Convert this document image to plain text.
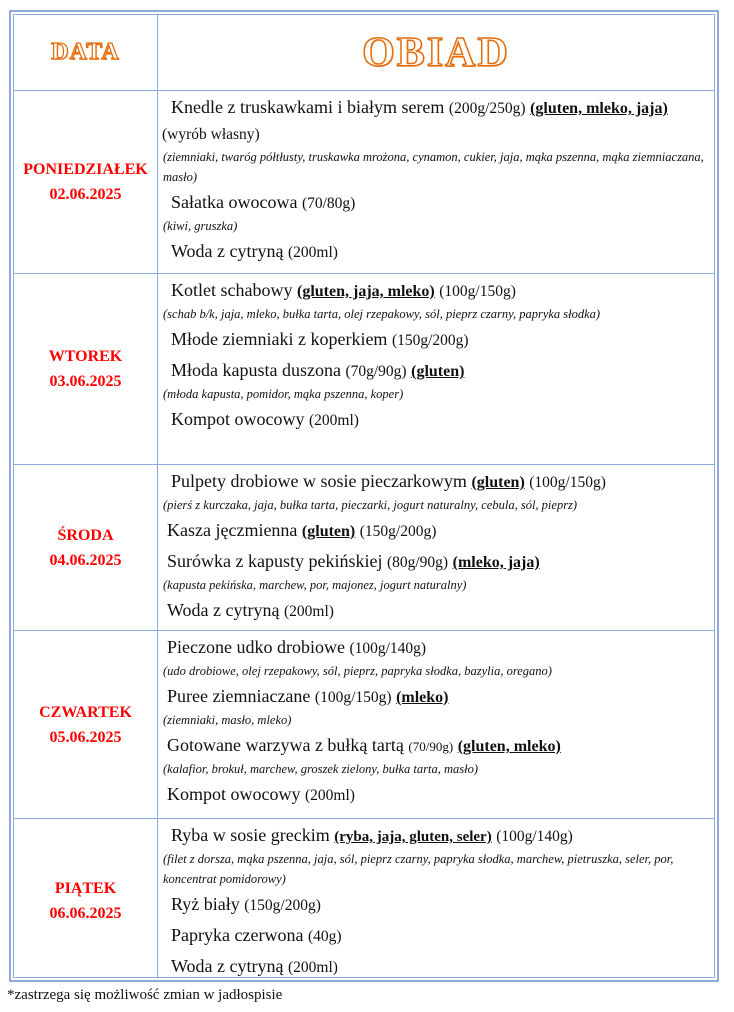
DATA	OBIAD
PONIEDZIAŁEK
02.06.2025
Knedle z truskawkami i białym serem (200g/250g) (gluten, mleko, jaja) (wyrób własny)
(ziemniaki, twaróg półtłusty, truskawka mrożona, cynamon, cukier, jaja, mąka pszenna, mąka ziemniaczana, masło)
Sałatka owocowa (70/80g)
(kiwi, gruszka)
Woda z cytryną (200ml)
WTOREK
03.06.2025
Kotlet schabowy (gluten, jaja, mleko) (100g/150g)
(schab b/k, jaja, mleko, bułka tarta, olej rzepakowy, sól, pieprz czarny, papryka słodka)
Młode ziemniaki z koperkiem (150g/200g)
Młoda kapusta duszona (70g/90g) (gluten)
(młoda kapusta, pomidor, mąka pszenna, koper)
Kompot owocowy (200ml)
ŚRODA
04.06.2025
Pulpety drobiowe w sosie pieczarkowym (gluten) (100g/150g)
(pierś z kurczaka, jaja, bułka tarta, pieczarki, jogurt naturalny, cebula, sól, pieprz)
Kasza jęczmienna (gluten) (150g/200g)
Surówka z kapusty pekińskiej (80g/90g) (mleko, jaja)
(kapusta pekińska, marchew, por, majonez, jogurt naturalny)
Woda z cytryną (200ml)
CZWARTEK
05.06.2025
Pieczone udko drobiowe (100g/140g)
(udo drobiowe, olej rzepakowy, sól, pieprz, papryka słodka, bazylia, oregano)
Puree ziemniaczane (100g/150g) (mleko)
(ziemniaki, masło, mleko)
Gotowane warzywa z bułką tartą (70/90g) (gluten, mleko)
(kalafior, brokuł, marchew, groszek zielony, bułka tarta, masło)
Kompot owocowy (200ml)
PIĄTEK
06.06.2025
Ryba w sosie greckim (ryba, jaja, gluten, seler) (100g/140g)
(filet z dorsza, mąka pszenna, jaja, sól, pieprz czarny, papryka słodka, marchew, pietruszka, seler, por, koncentrat pomidorowy)
Ryż biały (150g/200g)
Papryka czerwona (40g)
Woda z cytryną (200ml)
*zastrzega się możliwość zmian w jadłospisie
